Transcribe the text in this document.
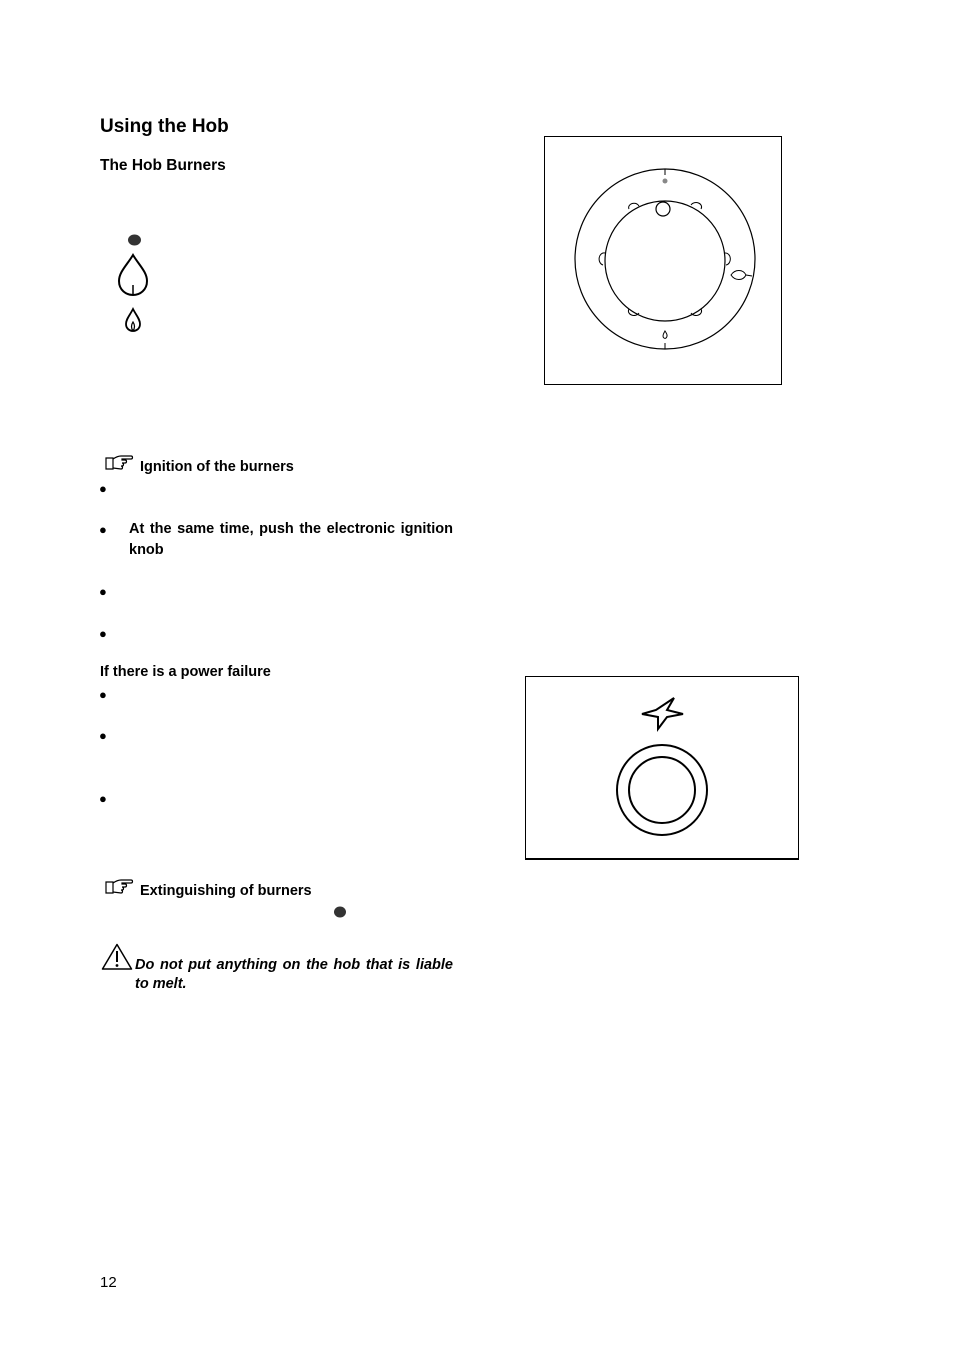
Using the Hob
The Hob Burners
Ignition of the burners
●
● At the same time, push the electronic ignition knob
●
●
If there is a power failure
●
●
●
Extinguishing of burners
Do not put anything on the hob that is liable to melt.
12
